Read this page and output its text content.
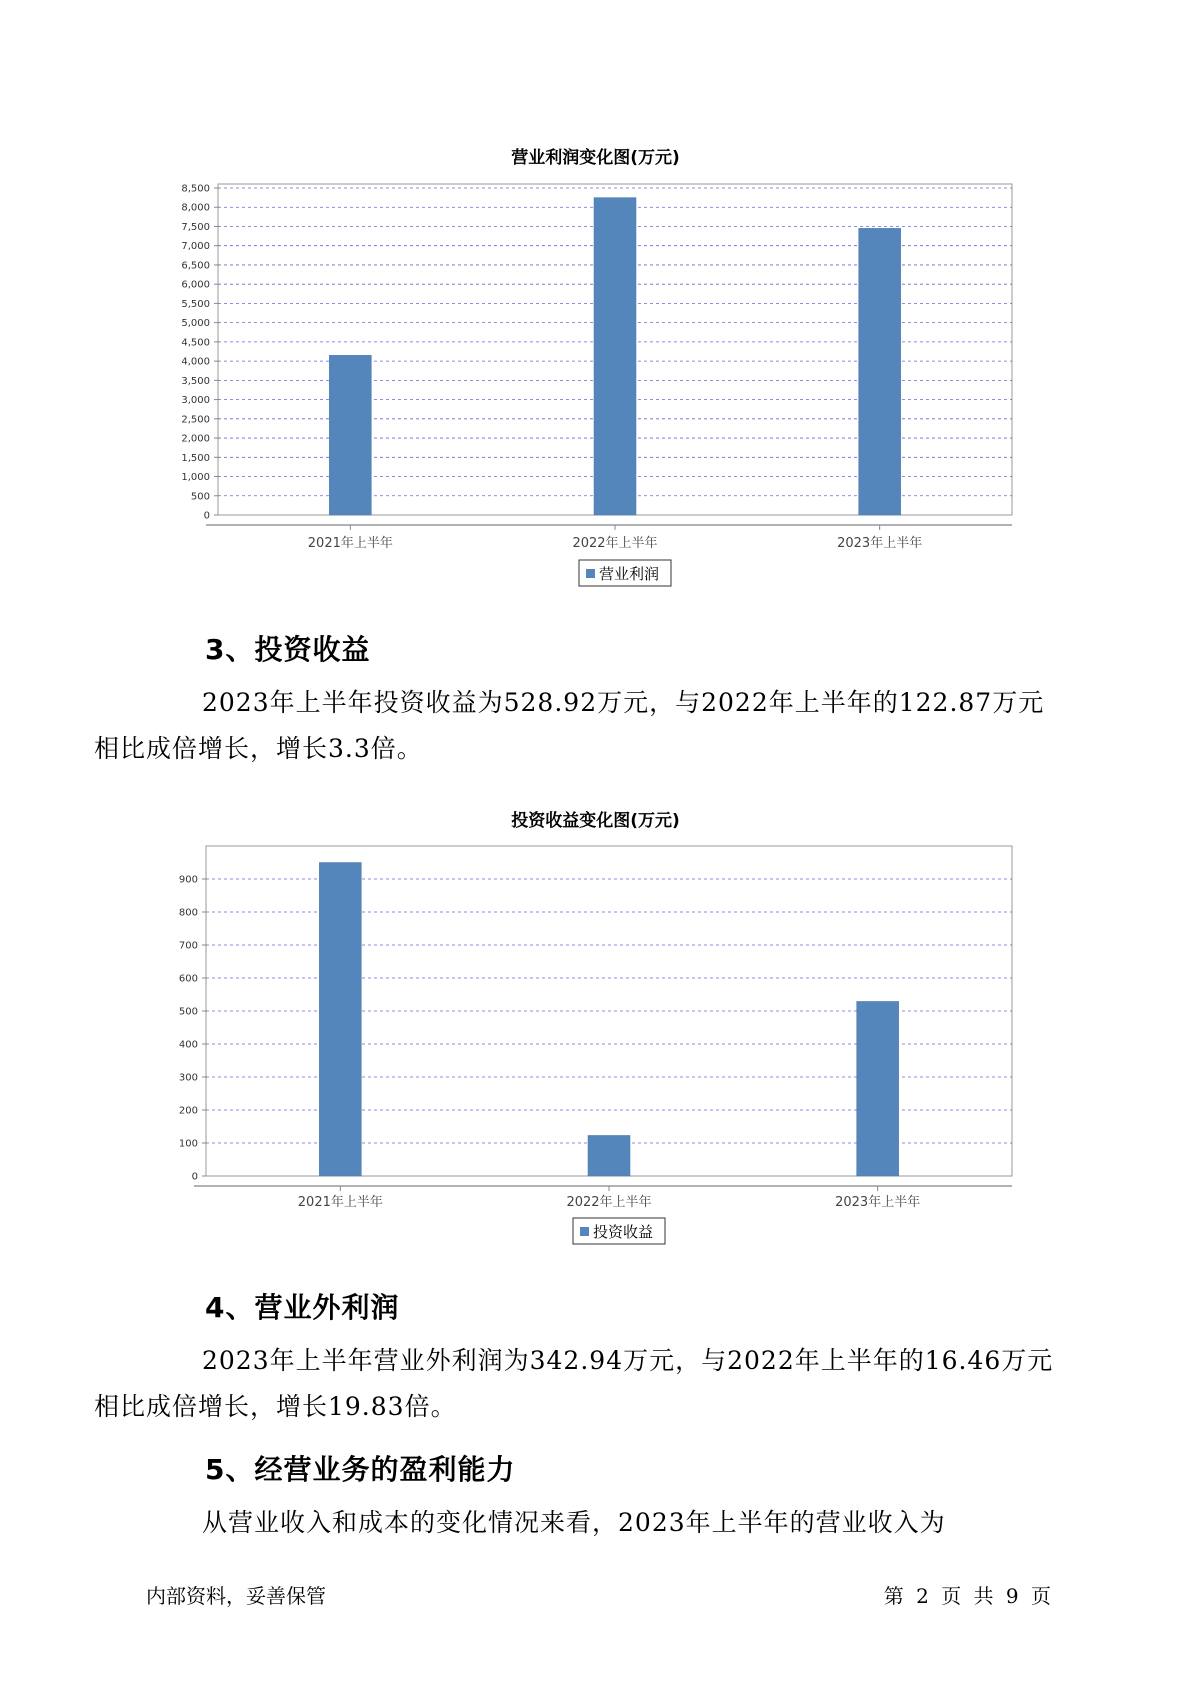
营业利润变化图(万元)
0
500
1,000
1,500
2,000
2,500
3,000
3,500
4,000
4,500
5,000
5,500
6,000
6,500
7,000
7,500
8,000
8,500
2021年上半年	2022年上半年	2023年上半年
营业利润
3、投资收益

2023年上半年投资收益为528.92万元，与2022年上半年的122.87万元
相比成倍增长，增长3.3倍。

投资收益变化图(万元)
0
100
200
300
400
500
600
700
800
900
2021年上半年	2022年上半年	2023年上半年
投资收益
4、营业外利润

2023年上半年营业外利润为342.94万元，与2022年上半年的16.46万元
相比成倍增长，增长19.83倍。

5、经营业务的盈利能力

从营业收入和成本的变化情况来看，2023年上半年的营业收入为

内部资料，妥善保管	第 2 页 共 9 页
